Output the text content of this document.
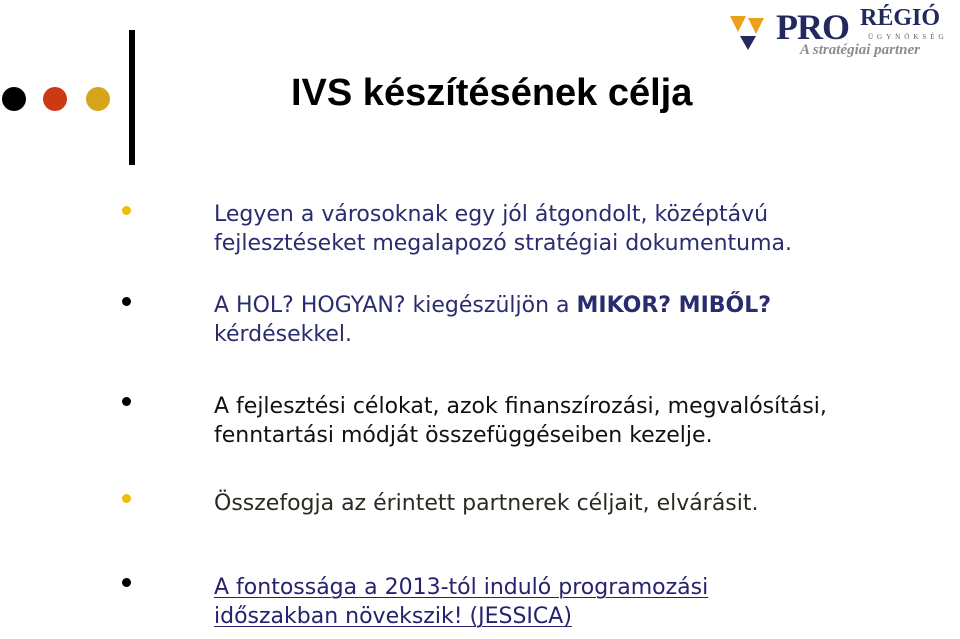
IVS készítésének célja
PRO RÉGIÓ
ÜGYNÖKSÉG
A stratégiai partner
Legyen a városoknak egy jól átgondolt, középtávú
fejlesztéseket megalapozó stratégiai dokumentuma.
A HOL? HOGYAN? kiegészüljön a MIKOR? MIBŐL?
kérdésekkel.
A fejlesztési célokat, azok finanszírozási, megvalósítási,
fenntartási módját összefüggéseiben kezelje.
Összefogja az érintett partnerek céljait, elvárásit.
A fontossága a 2013-tól induló programozási
időszakban növekszik! (JESSICA)
